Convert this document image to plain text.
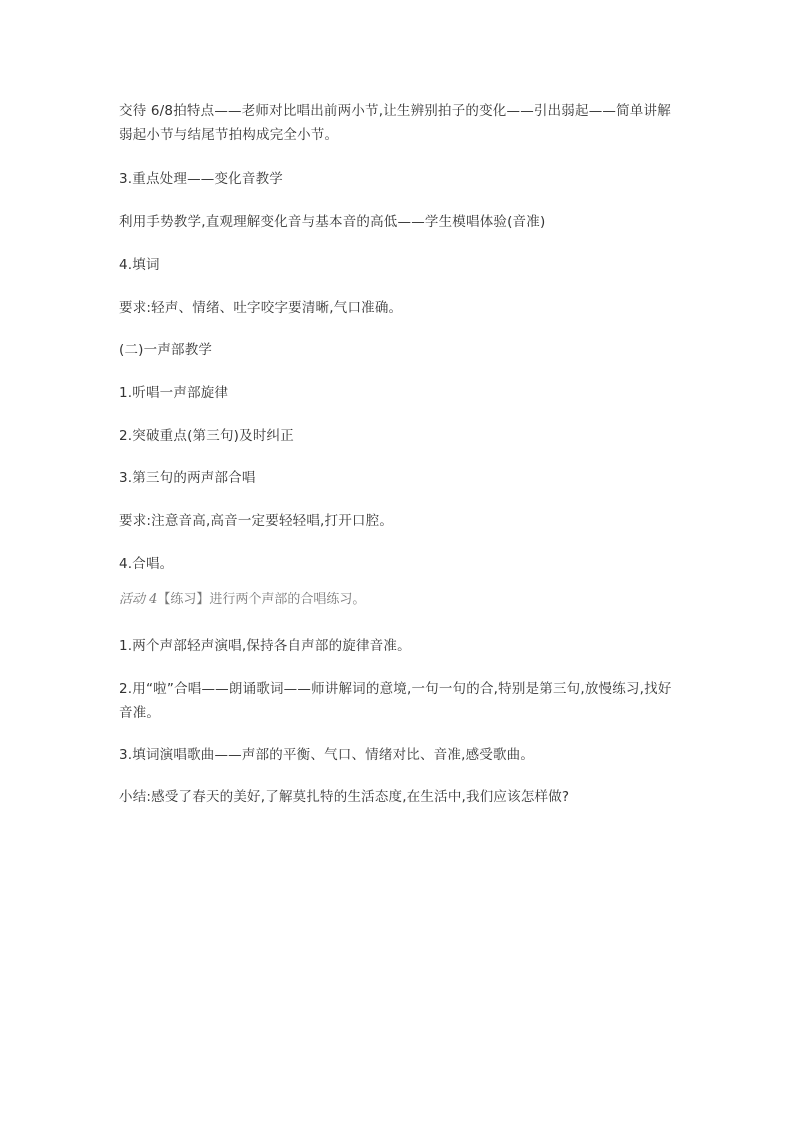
交待 6/8拍特点——老师对比唱出前两小节,让生辨别拍子的变化——引出弱起——简单讲解弱起小节与结尾节拍构成完全小节。
3.重点处理——变化音教学
利用手势教学,直观理解变化音与基本音的高低——学生模唱体验(音准)
4.填词
要求:轻声、情绪、吐字咬字要清晰,气口准确。
(二)一声部教学
1.听唱一声部旋律
2.突破重点(第三句)及时纠正
3.第三句的两声部合唱
要求:注意音高,高音一定要轻轻唱,打开口腔。
4.合唱。
活动 4【练习】进行两个声部的合唱练习。
1.两个声部轻声演唱,保持各自声部的旋律音准。
2.用“啦”合唱——朗诵歌词——师讲解词的意境,一句一句的合,特别是第三句,放慢练习,找好音准。
3.填词演唱歌曲——声部的平衡、气口、情绪对比、音准,感受歌曲。
小结:感受了春天的美好,了解莫扎特的生活态度,在生活中,我们应该怎样做?
